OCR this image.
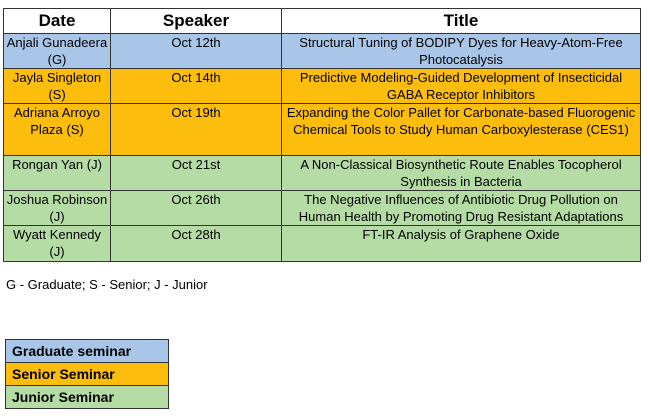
Date	Speaker	Title
Anjali Gunadeera (G)	Oct 12th	Structural Tuning of BODIPY Dyes for Heavy-Atom-Free Photocatalysis
Jayla Singleton (S)	Oct 14th	Predictive Modeling-Guided Development of Insecticidal GABA Receptor Inhibitors
Adriana Arroyo Plaza (S)	Oct 19th	Expanding the Color Pallet for Carbonate-based Fluorogenic Chemical Tools to Study Human Carboxylesterase (CES1)
Rongan Yan (J)	Oct 21st	A Non-Classical Biosynthetic Route Enables Tocopherol Synthesis in Bacteria
Joshua Robinson (J)	Oct 26th	The Negative Influences of Antibiotic Drug Pollution on Human Health by Promoting Drug Resistant Adaptations
Wyatt Kennedy (J)	Oct 28th	FT-IR Analysis of Graphene Oxide
G - Graduate; S - Senior; J - Junior
Graduate seminar
Senior Seminar
Junior Seminar
